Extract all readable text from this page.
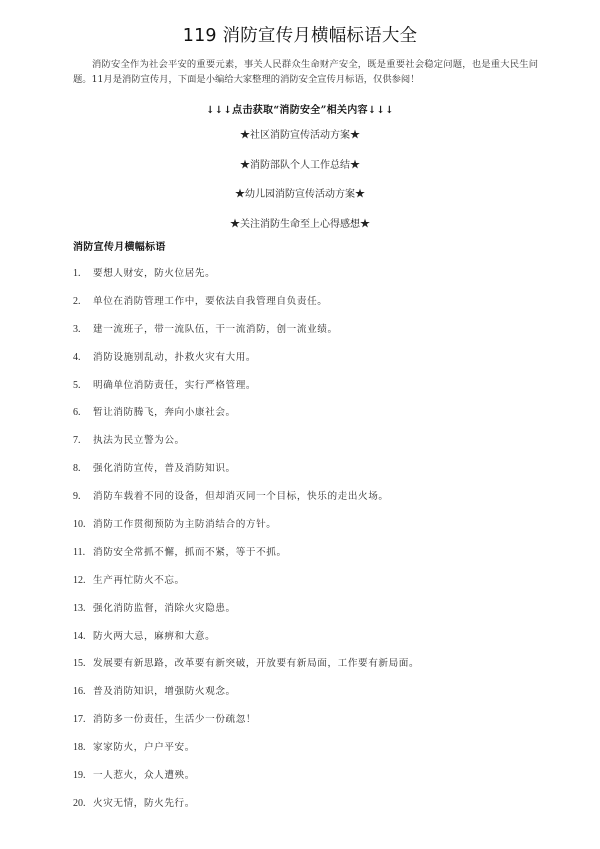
119 消防宣传月横幅标语大全
消防安全作为社会平安的重要元素，事关人民群众生命财产安全，既是重要社会稳定问题，也是重大民生问题。11月是消防宣传月，下面是小编给大家整理的消防安全宣传月标语，仅供参阅！
↓↓↓点击获取“消防安全”相关内容↓↓↓
★社区消防宣传活动方案★
★消防部队个人工作总结★
★幼儿园消防宣传活动方案★
★关注消防生命至上心得感想★
消防宣传月横幅标语
1.	要想人财安，防火位居先。
2.	单位在消防管理工作中，要依法自我管理自负责任。
3.	建一流班子，带一流队伍，干一流消防，创一流业绩。
4.	消防设施别乱动，扑救火灾有大用。
5.	明确单位消防责任，实行严格管理。
6.	暂让消防腾飞，奔向小康社会。
7.	执法为民立警为公。
8.	强化消防宣传，普及消防知识。
9.	消防车载着不同的设备，但却消灭同一个目标，快乐的走出火场。
10. 消防工作贯彻预防为主防消结合的方针。
11. 消防安全常抓不懈，抓而不紧，等于不抓。
12. 生产再忙防火不忘。
13. 强化消防监督，消除火灾隐患。
14. 防火两大忌，麻痹和大意。
15. 发展要有新思路，改革要有新突破，开放要有新局面，工作要有新局面。
16. 普及消防知识，增强防火观念。
17. 消防多一份责任，生活少一份疏忽！
18. 家家防火，户户平安。
19. 一人惹火，众人遭殃。
20. 火灾无情，防火先行。
